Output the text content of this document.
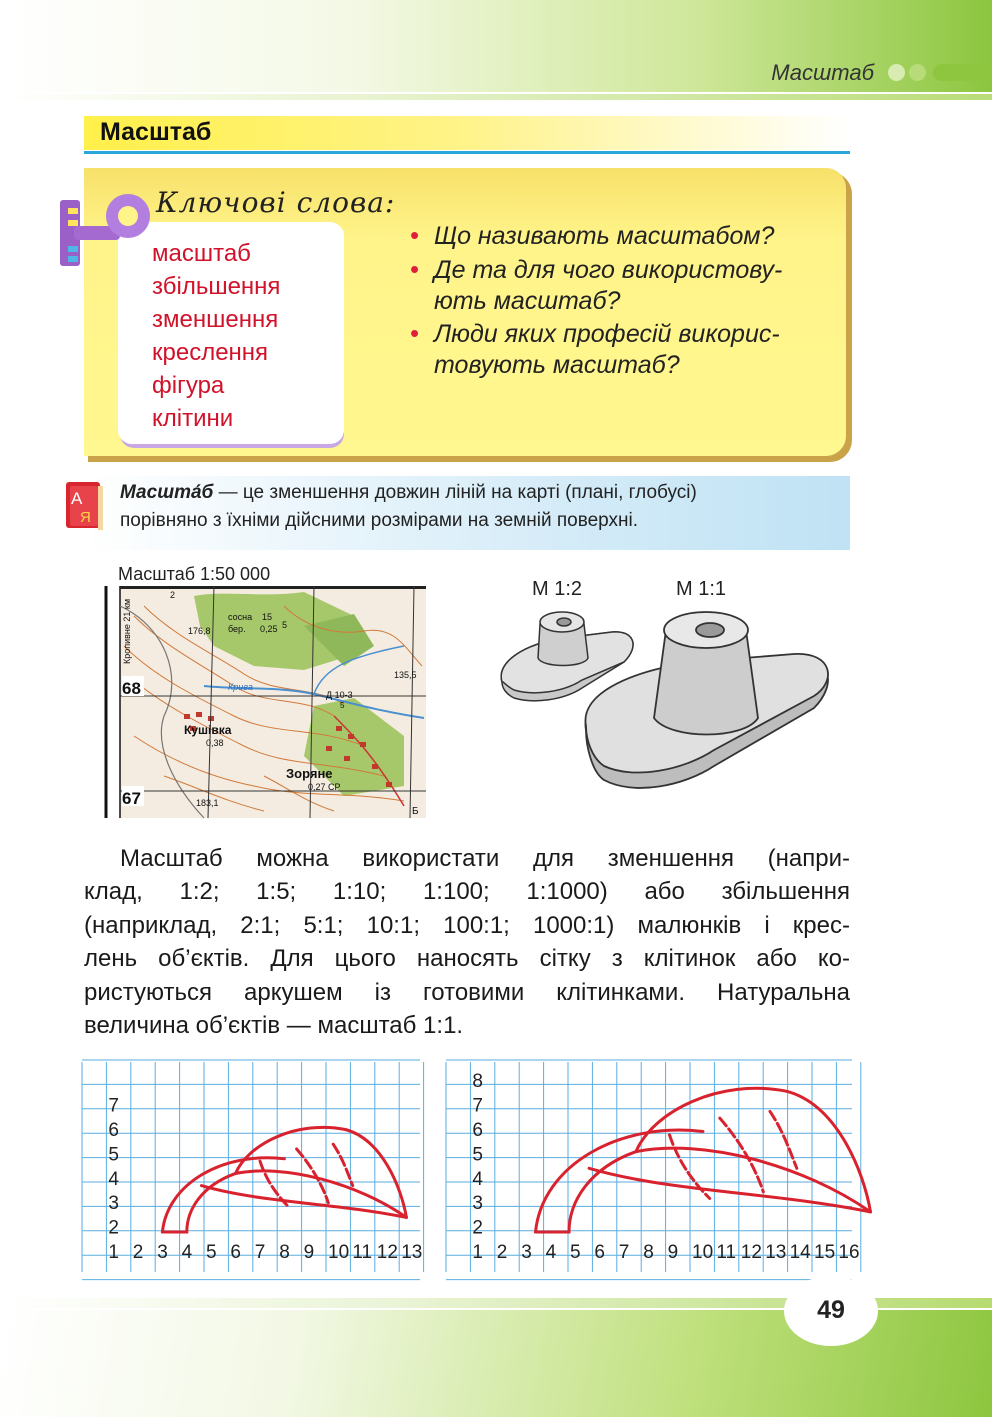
Масштаб
Масштаб
Ключові слова:
масштаб
збільшення
зменшення
креслення
фігура
клітини
• Що називають масштабом?
• Де та для чого використову-
ють масштаб?
• Люди яких професій викорис-
товують масштаб?
А
Я
Масшта́б — це зменшення довжин ліній на карті (плані, глобусі)
порівняно з їхніми дійсними розмірами на земній поверхні.
Масштаб 1:50 000
68
67
Кропивне 21 км
2
сосна
бер.
15
0,25 5
176,8
135,5
Крива
Д 10-3
5
Кушівка
0,38
Зоряне
0,27 СР
183,1
Б
М 1:2	М 1:1
Масштаб можна використати для зменшення (напри-
клад, 1:2; 1:5; 1:10; 1:100; 1:1000) або збільшення
(наприклад, 2:1; 5:1; 10:1; 100:1; 1000:1) малюнків і крес-
лень об’єктів. Для цього наносять сітку з клітинок або ко-
ристуються аркушем із готовими клітинками. Натуральна
величина об’єктів — масштаб 1:1.
1 2 3 4 5 6 7 8 9 10 11 12 13
2
3
4
5
6
7
1 2 3 4 5 6 7 8 9 10 11 12 13 14 15 16
2
3
4
5
6
7
8
49
